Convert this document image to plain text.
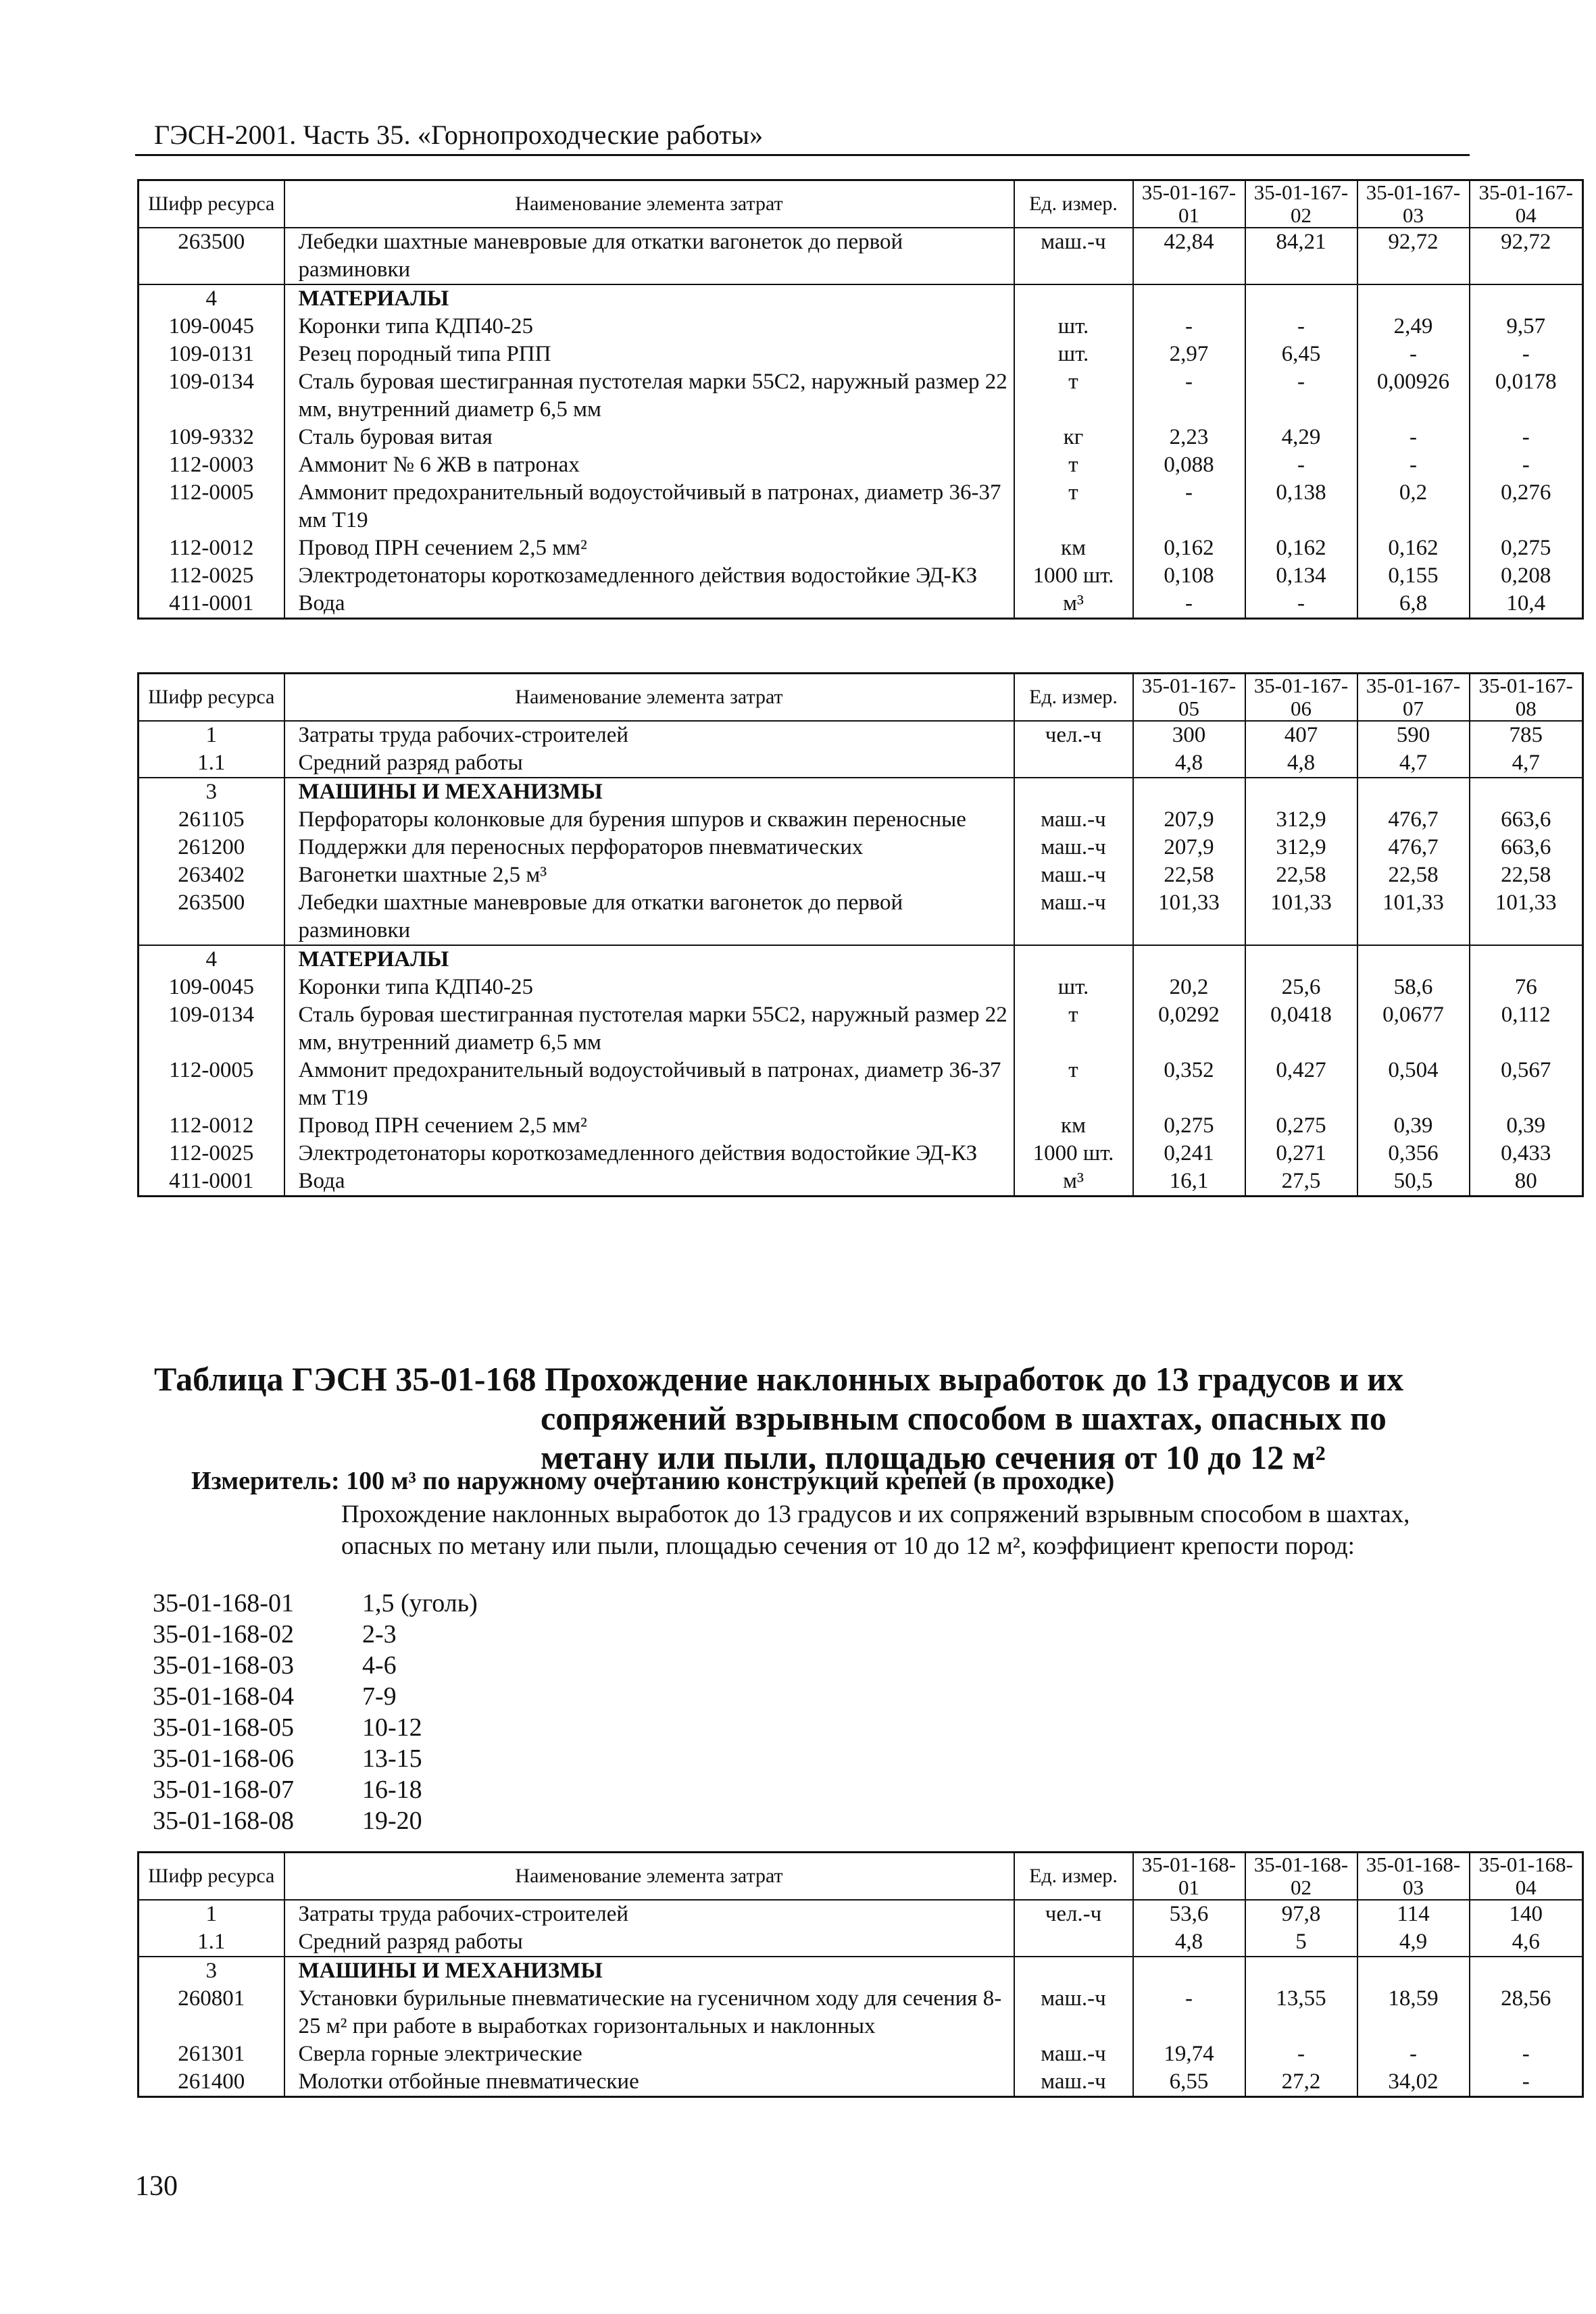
ГЭСН-2001. Часть 35. «Горнопроходческие работы»
Шифр ресурса	Наименование элемента затрат	Ед. измер.	35-01-167-01	35-01-167-02	35-01-167-03	35-01-167-04
263500	Лебедки шахтные маневровые для откатки вагонеток до первой разминовки	маш.-ч	42,84	84,21	92,72	92,72
4	МАТЕРИАЛЫ					
109-0045	Коронки типа КДП40-25	шт.	-	-	2,49	9,57
109-0131	Резец породный типа РПП	шт.	2,97	6,45	-	-
109-0134	Сталь буровая шестигранная пустотелая марки 55С2, наружный размер 22 мм, внутренний диаметр 6,5 мм	т	-	-	0,00926	0,0178
109-9332	Сталь буровая витая	кг	2,23	4,29	-	-
112-0003	Аммонит № 6 ЖВ в патронах	т	0,088	-	-	-
112-0005	Аммонит предохранительный водоустойчивый в патронах, диаметр 36-37 мм Т19	т	-	0,138	0,2	0,276
112-0012	Провод ПРН сечением 2,5 мм²	км	0,162	0,162	0,162	0,275
112-0025	Электродетонаторы короткозамедленного действия водостойкие ЭД-КЗ	1000 шт.	0,108	0,134	0,155	0,208
411-0001	Вода	м³	-	-	6,8	10,4
Шифр ресурса	Наименование элемента затрат	Ед. измер.	35-01-167-05	35-01-167-06	35-01-167-07	35-01-167-08
1	Затраты труда рабочих-строителей	чел.-ч	300	407	590	785
1.1	Средний разряд работы		4,8	4,8	4,7	4,7
3	МАШИНЫ И МЕХАНИЗМЫ					
261105	Перфораторы колонковые для бурения шпуров и скважин переносные	маш.-ч	207,9	312,9	476,7	663,6
261200	Поддержки для переносных перфораторов пневматических	маш.-ч	207,9	312,9	476,7	663,6
263402	Вагонетки шахтные 2,5 м³	маш.-ч	22,58	22,58	22,58	22,58
263500	Лебедки шахтные маневровые для откатки вагонеток до первой разминовки	маш.-ч	101,33	101,33	101,33	101,33
4	МАТЕРИАЛЫ					
109-0045	Коронки типа КДП40-25	шт.	20,2	25,6	58,6	76
109-0134	Сталь буровая шестигранная пустотелая марки 55С2, наружный размер 22 мм, внутренний диаметр 6,5 мм	т	0,0292	0,0418	0,0677	0,112
112-0005	Аммонит предохранительный водоустойчивый в патронах, диаметр 36-37 мм Т19	т	0,352	0,427	0,504	0,567
112-0012	Провод ПРН сечением 2,5 мм²	км	0,275	0,275	0,39	0,39
112-0025	Электродетонаторы короткозамедленного действия водостойкие ЭД-КЗ	1000 шт.	0,241	0,271	0,356	0,433
411-0001	Вода	м³	16,1	27,5	50,5	80
Таблица ГЭСН 35-01-168 Прохождение наклонных выработок до 13 градусов и их
сопряжений взрывным способом в шахтах, опасных по
метану или пыли, площадью сечения от 10 до 12 м²
Измеритель: 100 м³ по наружному очертанию конструкций крепей (в проходке)
Прохождение наклонных выработок до 13 градусов и их сопряжений взрывным способом в шахтах, опасных по метану или пыли, площадью сечения от 10 до 12 м², коэффициент крепости пород:
35-01-168-01	1,5 (уголь)
35-01-168-02	2-3
35-01-168-03	4-6
35-01-168-04	7-9
35-01-168-05	10-12
35-01-168-06	13-15
35-01-168-07	16-18
35-01-168-08	19-20
Шифр ресурса	Наименование элемента затрат	Ед. измер.	35-01-168-01	35-01-168-02	35-01-168-03	35-01-168-04
1	Затраты труда рабочих-строителей	чел.-ч	53,6	97,8	114	140
1.1	Средний разряд работы		4,8	5	4,9	4,6
3	МАШИНЫ И МЕХАНИЗМЫ					
260801	Установки бурильные пневматические на гусеничном ходу для сечения 8-25 м² при работе в выработках горизонтальных и наклонных	маш.-ч	-	13,55	18,59	28,56
261301	Сверла горные электрические	маш.-ч	19,74	-	-	-
261400	Молотки отбойные пневматические	маш.-ч	6,55	27,2	34,02	-
130
